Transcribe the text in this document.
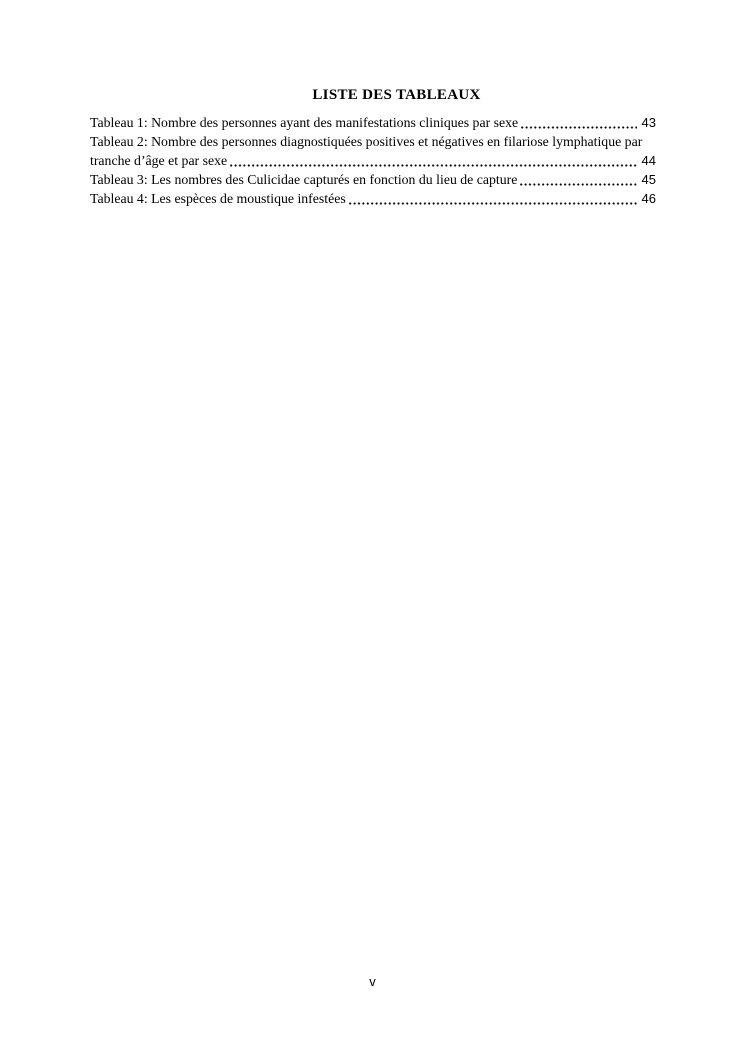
LISTE DES TABLEAUX
Tableau 1: Nombre des personnes ayant des manifestations cliniques par sexe	43
Tableau 2: Nombre des personnes diagnostiquées positives et négatives en filariose lymphatique par
tranche d’âge et par sexe	44
Tableau 3: Les nombres des Culicidae capturés en fonction du lieu de capture	45
Tableau 4: Les espèces de moustique infestées	46
v
